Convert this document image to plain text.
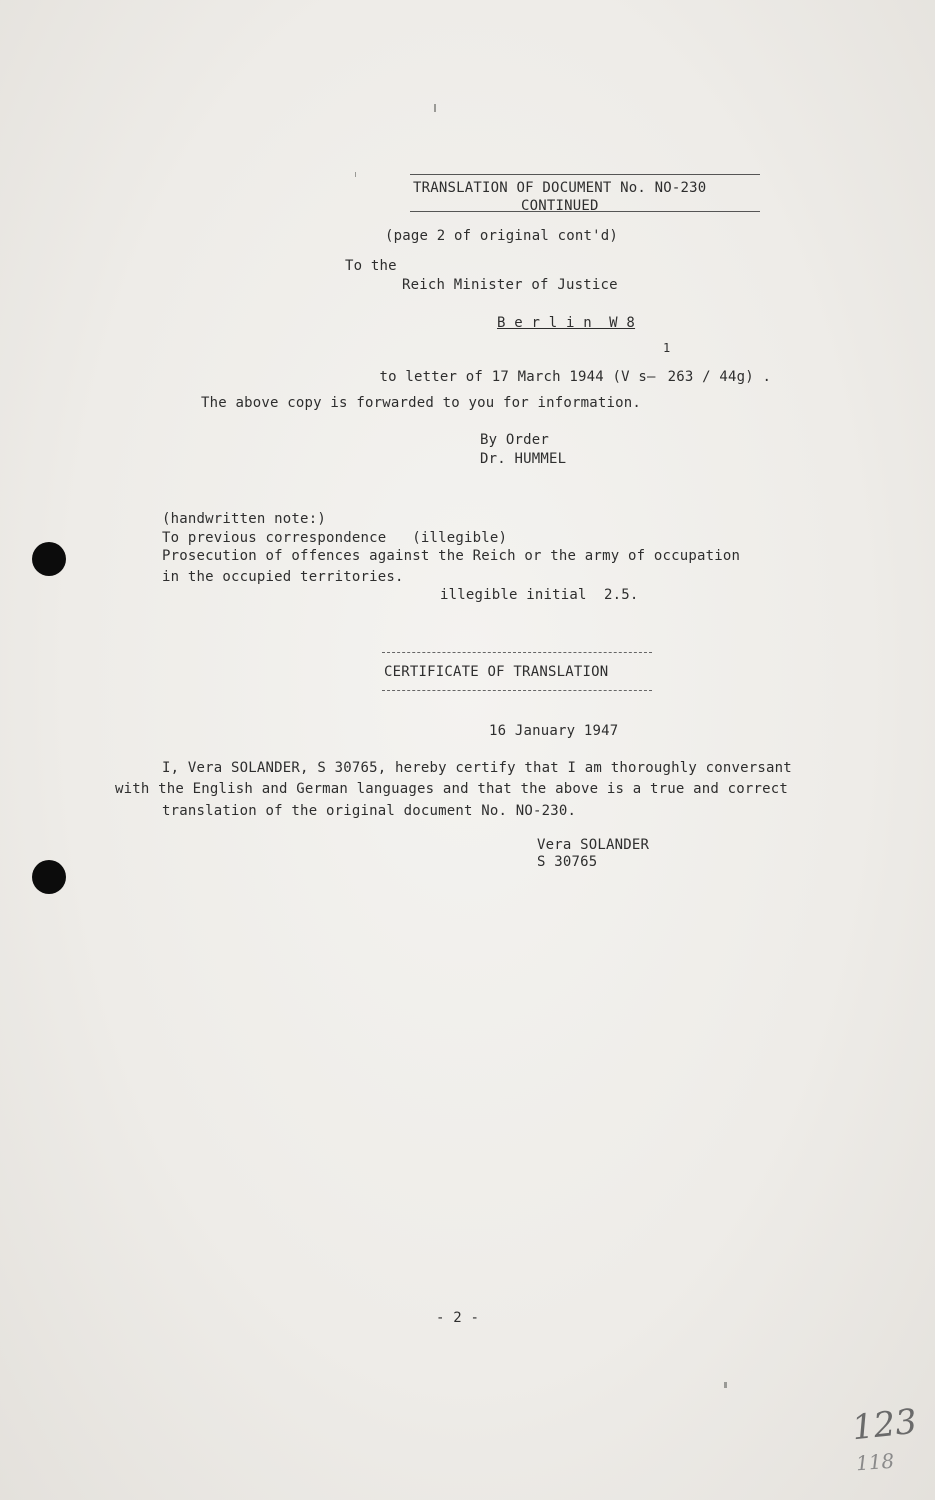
TRANSLATION OF DOCUMENT No. NO-230
CONTINUED
(page 2 of original cont'd)
To the
Reich Minister of Justice
B e r l i n  W 8

to letter of 17 March 1944 (V s– 263 / 44g) .

1
The above copy is forwarded to you for information.
By Order
Dr. HUMMEL
(handwritten note:)
To previous correspondence   (illegible)
Prosecution of offences against the Reich or the army of occupation
in the occupied territories.
illegible initial  2.5.
CERTIFICATE OF TRANSLATION
16 January 1947
I, Vera SOLANDER, S 30765, hereby certify that I am thoroughly conversant
with the English and German languages and that the above is a true and correct
translation of the original document No. NO-230.
Vera SOLANDER
S 30765
- 2 -
123
118
